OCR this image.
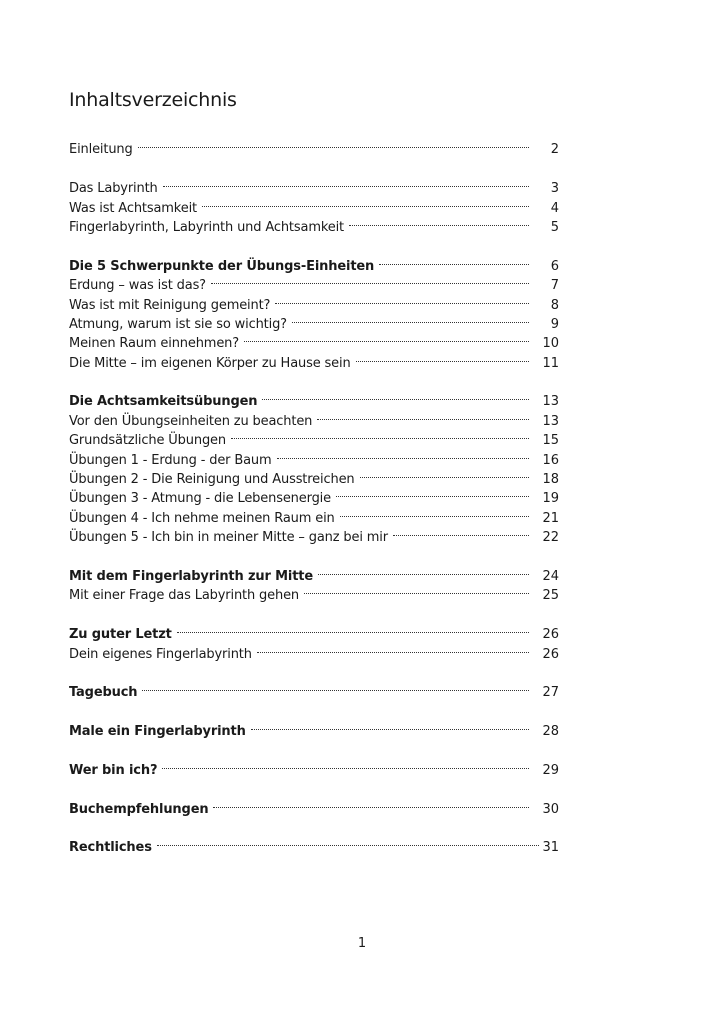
Inhaltsverzeichnis
Einleitung	2
Das Labyrinth	3
Was ist Achtsamkeit	4
Fingerlabyrinth, Labyrinth und Achtsamkeit	5
Die 5 Schwerpunkte der Übungs-Einheiten	6
Erdung – was ist das?	7
Was ist mit Reinigung gemeint?	8
Atmung, warum ist sie so wichtig?	9
Meinen Raum einnehmen?	10
Die Mitte – im eigenen Körper zu Hause sein	11
Die Achtsamkeitsübungen	13
Vor den Übungseinheiten zu beachten	13
Grundsätzliche Übungen	15
Übungen 1 - Erdung - der Baum	16
Übungen 2 - Die Reinigung und Ausstreichen	18
Übungen 3 - Atmung - die Lebensenergie	19
Übungen 4 - Ich nehme meinen Raum ein	21
Übungen 5 - Ich bin in meiner Mitte – ganz bei mir	22
Mit dem Fingerlabyrinth zur Mitte	24
Mit einer Frage das Labyrinth gehen	25
Zu guter Letzt	26
Dein eigenes Fingerlabyrinth	26
Tagebuch	27
Male ein Fingerlabyrinth	28
Wer bin ich?	29
Buchempfehlungen	30
Rechtliches	31
1
